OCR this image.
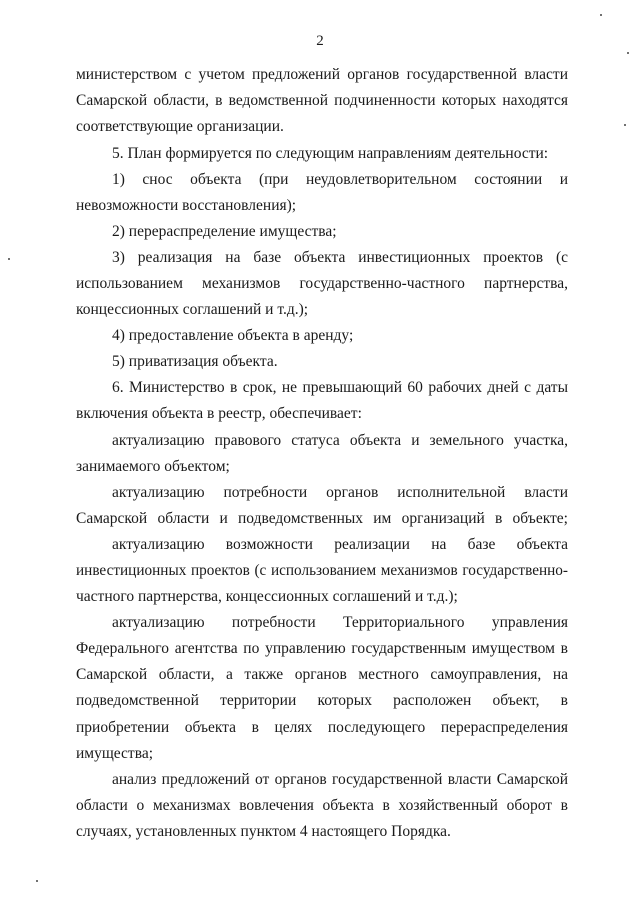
2
министерством с учетом предложений органов государственной власти
Самарской области, в ведомственной подчиненности которых находятся
соответствующие организации.
5. План формируется по следующим направлениям деятельности:
1) снос объекта (при неудовлетворительном состоянии и
невозможности восстановления);
2) перераспределение имущества;
3) реализация на базе объекта инвестиционных проектов (с
использованием механизмов государственно-частного партнерства,
концессионных соглашений и т.д.);
4) предоставление объекта в аренду;
5) приватизация объекта.
6. Министерство в срок, не превышающий 60 рабочих дней с даты
включения объекта в реестр, обеспечивает:
актуализацию правового статуса объекта и земельного участка,
занимаемого объектом;
актуализацию потребности органов исполнительной власти
Самарской области и подведомственных им организаций в объекте;
актуализацию возможности реализации на базе объекта
инвестиционных проектов (с использованием механизмов государственно-
частного партнерства, концессионных соглашений и т.д.);
актуализацию потребности Территориального управления
Федерального агентства по управлению государственным имуществом в
Самарской области, а также органов местного самоуправления, на
подведомственной территории которых расположен объект, в
приобретении объекта в целях последующего перераспределения
имущества;
анализ предложений от органов государственной власти Самарской
области о механизмах вовлечения объекта в хозяйственный оборот в
случаях, установленных пунктом 4 настоящего Порядка.
